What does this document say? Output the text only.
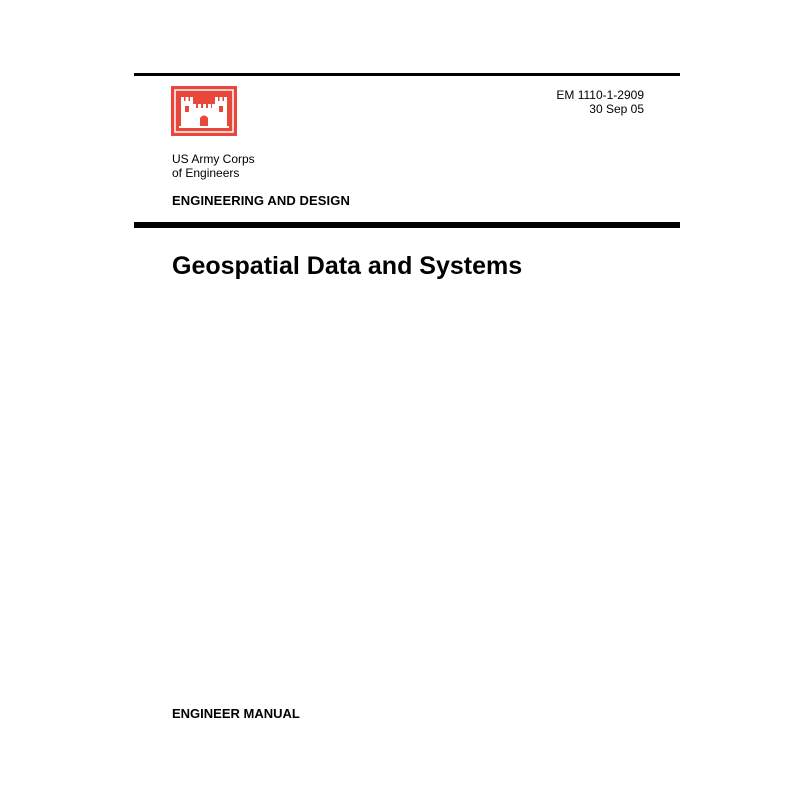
EM 1110-1-2909
30 Sep 05
US Army Corps
of Engineers
ENGINEERING AND DESIGN
Geospatial Data and Systems
ENGINEER MANUAL
